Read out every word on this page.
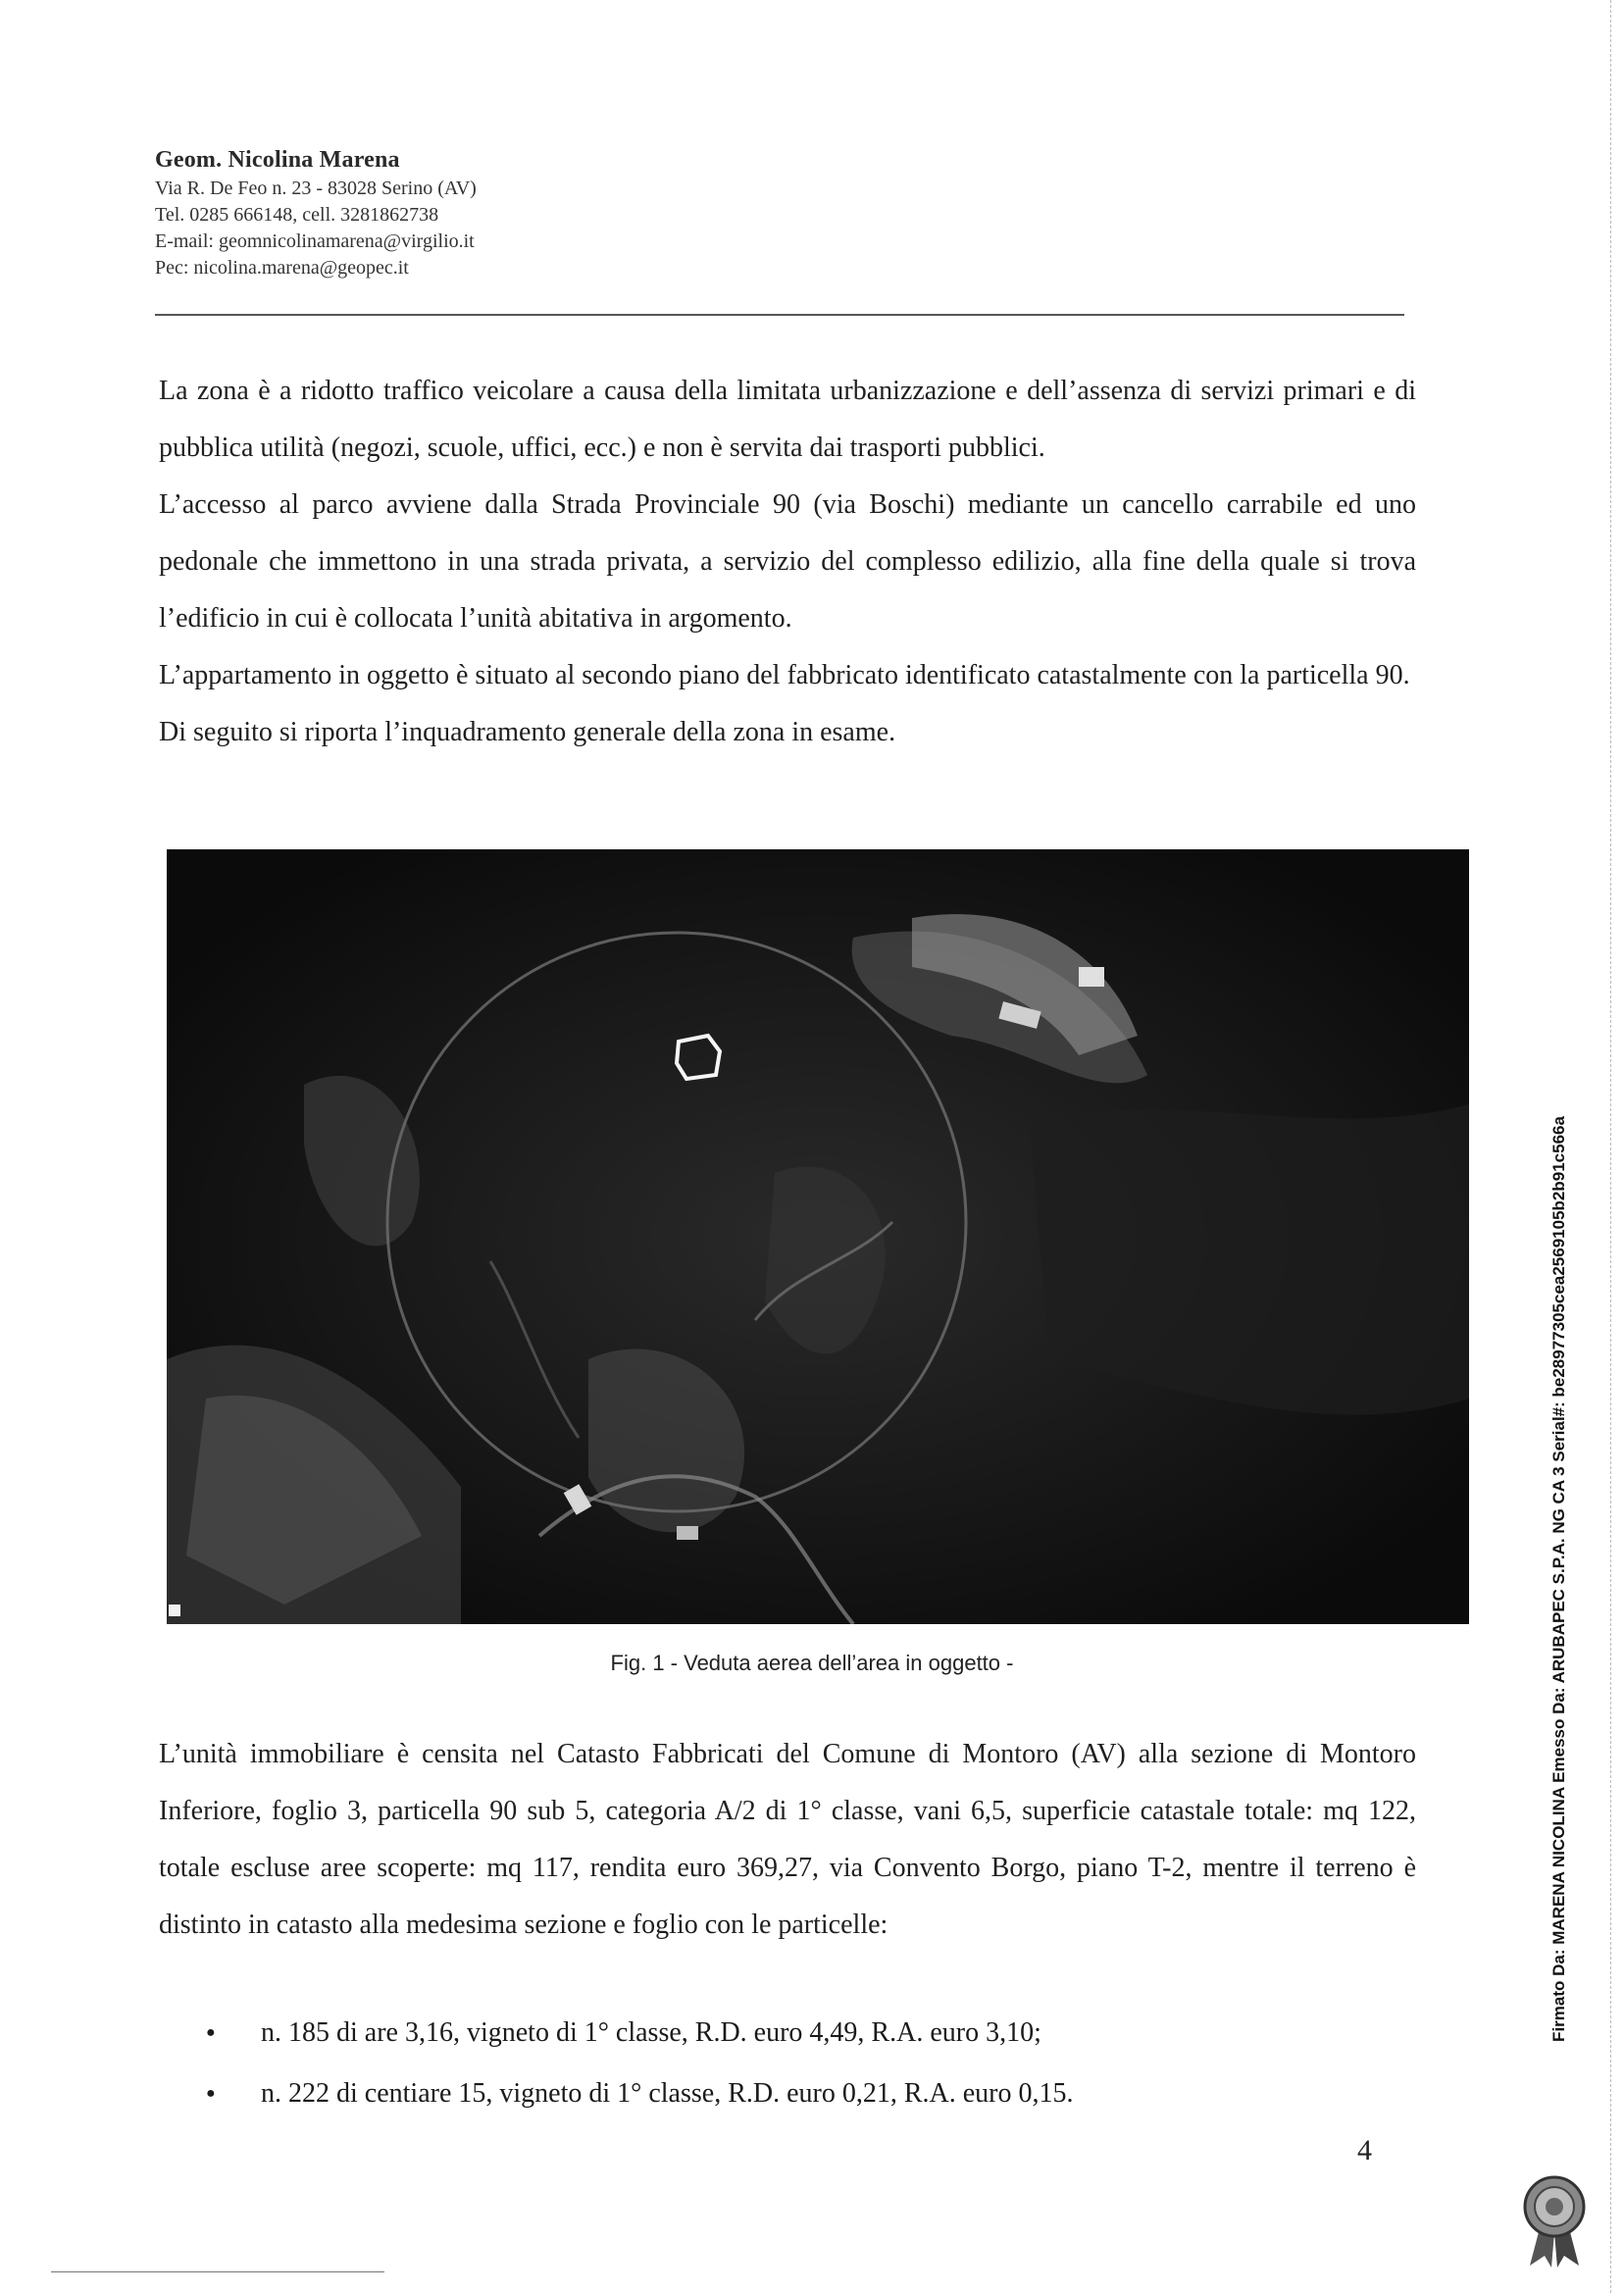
Geom. Nicolina Marena

Via R. De Feo n. 23 - 83028 Serino (AV)

Tel. 0285 666148, cell. 3281862738

E-mail: geomnicolinamarena@virgilio.it

Pec: nicolina.marena@geopec.it

La zona è a ridotto traffico veicolare a causa della limitata urbanizzazione e dell’assenza di servizi primari e di pubblica utilità (negozi, scuole, uffici, ecc.) e non è servita dai trasporti pubblici.

L’accesso al parco avviene dalla Strada Provinciale 90 (via Boschi) mediante un cancello carrabile ed uno pedonale che immettono in una strada privata, a servizio del complesso edilizio, alla fine della quale si trova l’edificio in cui è collocata l’unità abitativa in argomento.

L’appartamento in oggetto è situato al secondo piano del fabbricato identificato catastalmente con la particella 90.

Di seguito si riporta l’inquadramento generale della zona in esame.

Fig. 1 - Veduta aerea dell’area in oggetto -

L’unità immobiliare è censita nel Catasto Fabbricati del Comune di Montoro (AV) alla sezione di Montoro Inferiore, foglio 3, particella 90 sub 5, categoria A/2 di 1° classe, vani 6,5, superficie catastale totale: mq 122, totale escluse aree scoperte: mq 117, rendita euro 369,27, via Convento Borgo, piano T-2, mentre il terreno è distinto in catasto alla medesima sezione e foglio con le particelle:

● n. 185 di are 3,16, vigneto di 1° classe, R.D. euro 4,49, R.A. euro 3,10;
● n. 222 di centiare 15, vigneto di 1° classe, R.D. euro 0,21, R.A. euro 0,15.
4
Firmato Da: MARENA NICOLINA Emesso Da: ARUBAPEC S.P.A. NG CA 3 Serial#: be28977305cea2569105b2b91c566a
